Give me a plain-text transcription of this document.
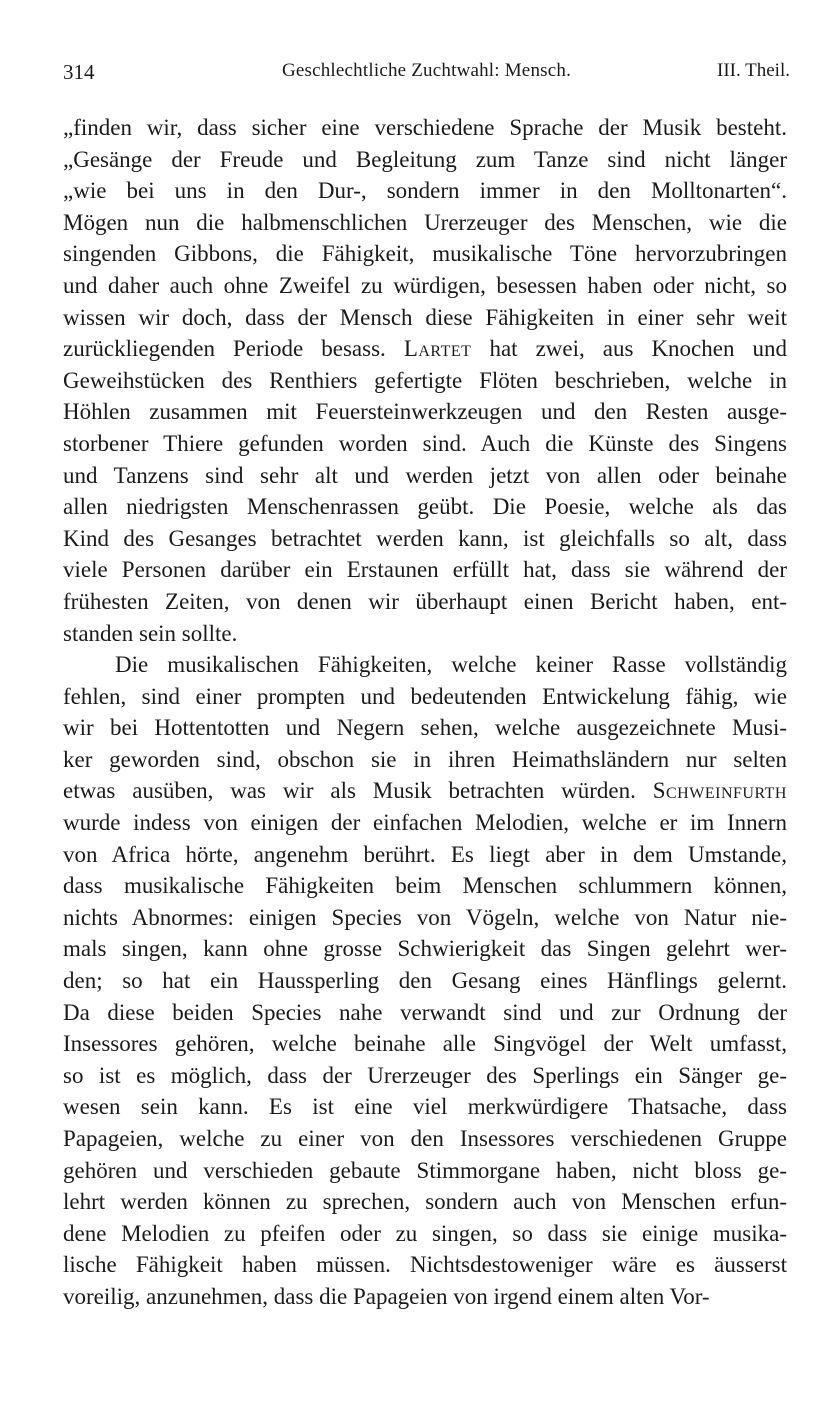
314	Geschlechtliche Zuchtwahl: Mensch.	III. Theil.
„finden wir, dass sicher eine verschiedene Sprache der Musik besteht.
„Gesänge der Freude und Begleitung zum Tanze sind nicht länger
„wie bei uns in den Dur-, sondern immer in den Molltonarten“.
Mögen nun die halbmenschlichen Urerzeuger des Menschen, wie die
singenden Gibbons, die Fähigkeit, musikalische Töne hervorzubringen
und daher auch ohne Zweifel zu würdigen, besessen haben oder nicht, so
wissen wir doch, dass der Mensch diese Fähigkeiten in einer sehr weit
zurückliegenden Periode besass. Lartet hat zwei, aus Knochen und
Geweihstücken des Renthiers gefertigte Flöten beschrieben, welche in
Höhlen zusammen mit Feuersteinwerkzeugen und den Resten ausge-
storbener Thiere gefunden worden sind. Auch die Künste des Singens
und Tanzens sind sehr alt und werden jetzt von allen oder beinahe
allen niedrigsten Menschenrassen geübt. Die Poesie, welche als das
Kind des Gesanges betrachtet werden kann, ist gleichfalls so alt, dass
viele Personen darüber ein Erstaunen erfüllt hat, dass sie während der
frühesten Zeiten, von denen wir überhaupt einen Bericht haben, ent-
standen sein sollte.
Die musikalischen Fähigkeiten, welche keiner Rasse vollständig
fehlen, sind einer prompten und bedeutenden Entwickelung fähig, wie
wir bei Hottentotten und Negern sehen, welche ausgezeichnete Musi-
ker geworden sind, obschon sie in ihren Heimathsländern nur selten
etwas ausüben, was wir als Musik betrachten würden. Schweinfurth
wurde indess von einigen der einfachen Melodien, welche er im Innern
von Africa hörte, angenehm berührt. Es liegt aber in dem Umstande,
dass musikalische Fähigkeiten beim Menschen schlummern können,
nichts Abnormes: einigen Species von Vögeln, welche von Natur nie-
mals singen, kann ohne grosse Schwierigkeit das Singen gelehrt wer-
den; so hat ein Haussperling den Gesang eines Hänflings gelernt.
Da diese beiden Species nahe verwandt sind und zur Ordnung der
Insessores gehören, welche beinahe alle Singvögel der Welt umfasst,
so ist es möglich, dass der Urerzeuger des Sperlings ein Sänger ge-
wesen sein kann. Es ist eine viel merkwürdigere Thatsache, dass
Papageien, welche zu einer von den Insessores verschiedenen Gruppe
gehören und verschieden gebaute Stimmorgane haben, nicht bloss ge-
lehrt werden können zu sprechen, sondern auch von Menschen erfun-
dene Melodien zu pfeifen oder zu singen, so dass sie einige musika-
lische Fähigkeit haben müssen. Nichtsdestoweniger wäre es äusserst
voreilig, anzunehmen, dass die Papageien von irgend einem alten Vor-
